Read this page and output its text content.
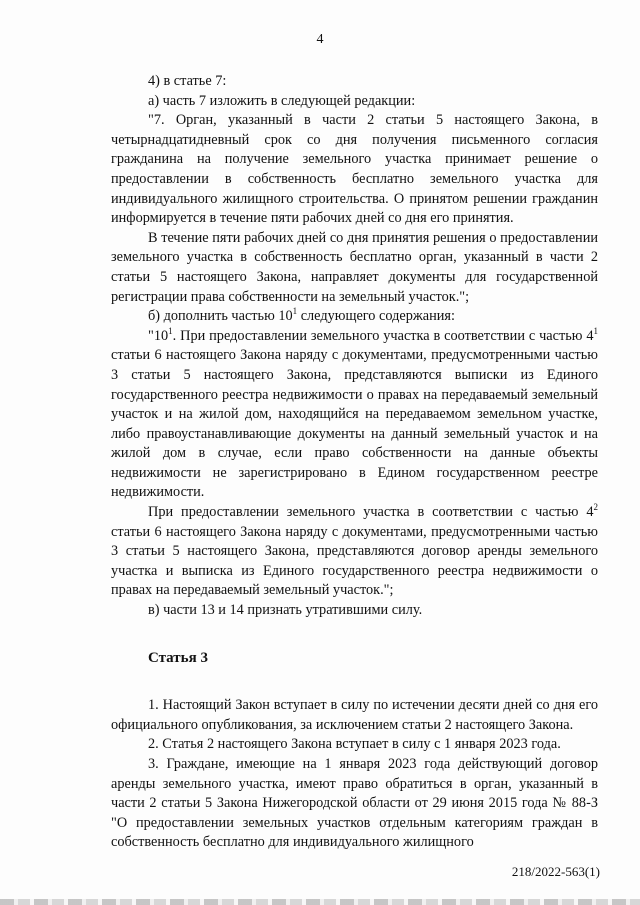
4

4) в статье 7:

а) часть 7 изложить в следующей редакции:

"7. Орган, указанный в части 2 статьи 5 настоящего Закона, в четырнадцатидневный срок со дня получения письменного согласия гражданина на получение земельного участка принимает решение о предоставлении в собственность бесплатно земельного участка для индивидуального жилищного строительства. О принятом решении гражданин информируется в течение пяти рабочих дней со дня его принятия.

В течение пяти рабочих дней со дня принятия решения о предоставлении земельного участка в собственность бесплатно орган, указанный в части 2 статьи 5 настоящего Закона, направляет документы для государственной регистрации права собственности на земельный участок.";

б) дополнить частью $10^1$ следующего содержания:

"$10^1$. При предоставлении земельного участка в соответствии с частью $4^1$ статьи 6 настоящего Закона наряду с документами, предусмотренными частью 3 статьи 5 настоящего Закона, представляются выписки из Единого государственного реестра недвижимости о правах на передаваемый земельный участок и на жилой дом, находящийся на передаваемом земельном участке, либо правоустанавливающие документы на данный земельный участок и на жилой дом в случае, если право собственности на данные объекты недвижимости не зарегистрировано в Едином государственном реестре недвижимости.

При предоставлении земельного участка в соответствии с частью $4^2$ статьи 6 настоящего Закона наряду с документами, предусмотренными частью 3 статьи 5 настоящего Закона, представляются договор аренды земельного участка и выписка из Единого государственного реестра недвижимости о правах на передаваемый земельный участок.";

в) части 13 и 14 признать утратившими силу.

Статья 3

1. Настоящий Закон вступает в силу по истечении десяти дней со дня его официального опубликования, за исключением статьи 2 настоящего Закона.

2. Статья 2 настоящего Закона вступает в силу с 1 января 2023 года.

3. Граждане, имеющие на 1 января 2023 года действующий договор аренды земельного участка, имеют право обратиться в орган, указанный в части 2 статьи 5 Закона Нижегородской области от 29 июня 2015 года № 88-З "О предоставлении земельных участков отдельным категориям граждан в собственность бесплатно для индивидуального жилищного

218/2022-563(1)
